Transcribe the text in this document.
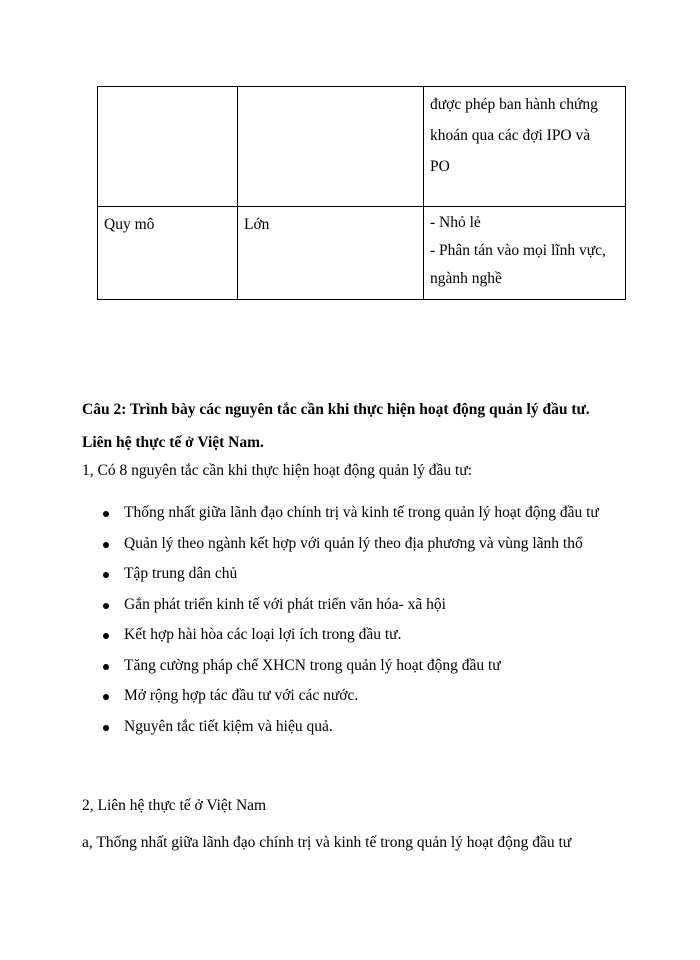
		được phép ban hành chứng
khoán qua các đợi IPO và
PO

Quy mô	Lớn	- Nhỏ lẻ
- Phân tán vào mọi lĩnh vực,
ngành nghề
Câu 2: Trình bày các nguyên tắc cần khi thực hiện hoạt động quản lý đầu tư.
Liên hệ thực tế ở Việt Nam.

1, Có 8 nguyên tắc cần khi thực hiện hoạt động quản lý đầu tư:

Thống nhất giữa lãnh đạo chính trị và kinh tế trong quản lý hoạt động đầu tư
Quản lý theo ngành kết hợp với quản lý theo địa phương và vùng lãnh thổ
Tập trung dân chủ
Gắn phát triển kinh tế với phát triển văn hóa- xã hội
Kết hợp hài hòa các loại lợi ích trong đầu tư.
Tăng cường pháp chế XHCN trong quản lý hoạt động đầu tư
Mở rộng hợp tác đầu tư với các nước.
Nguyên tắc tiết kiệm và hiệu quả.

2, Liên hệ thực tế ở Việt Nam

a, Thống nhất giữa lãnh đạo chính trị và kinh tế trong quản lý hoạt động đầu tư
